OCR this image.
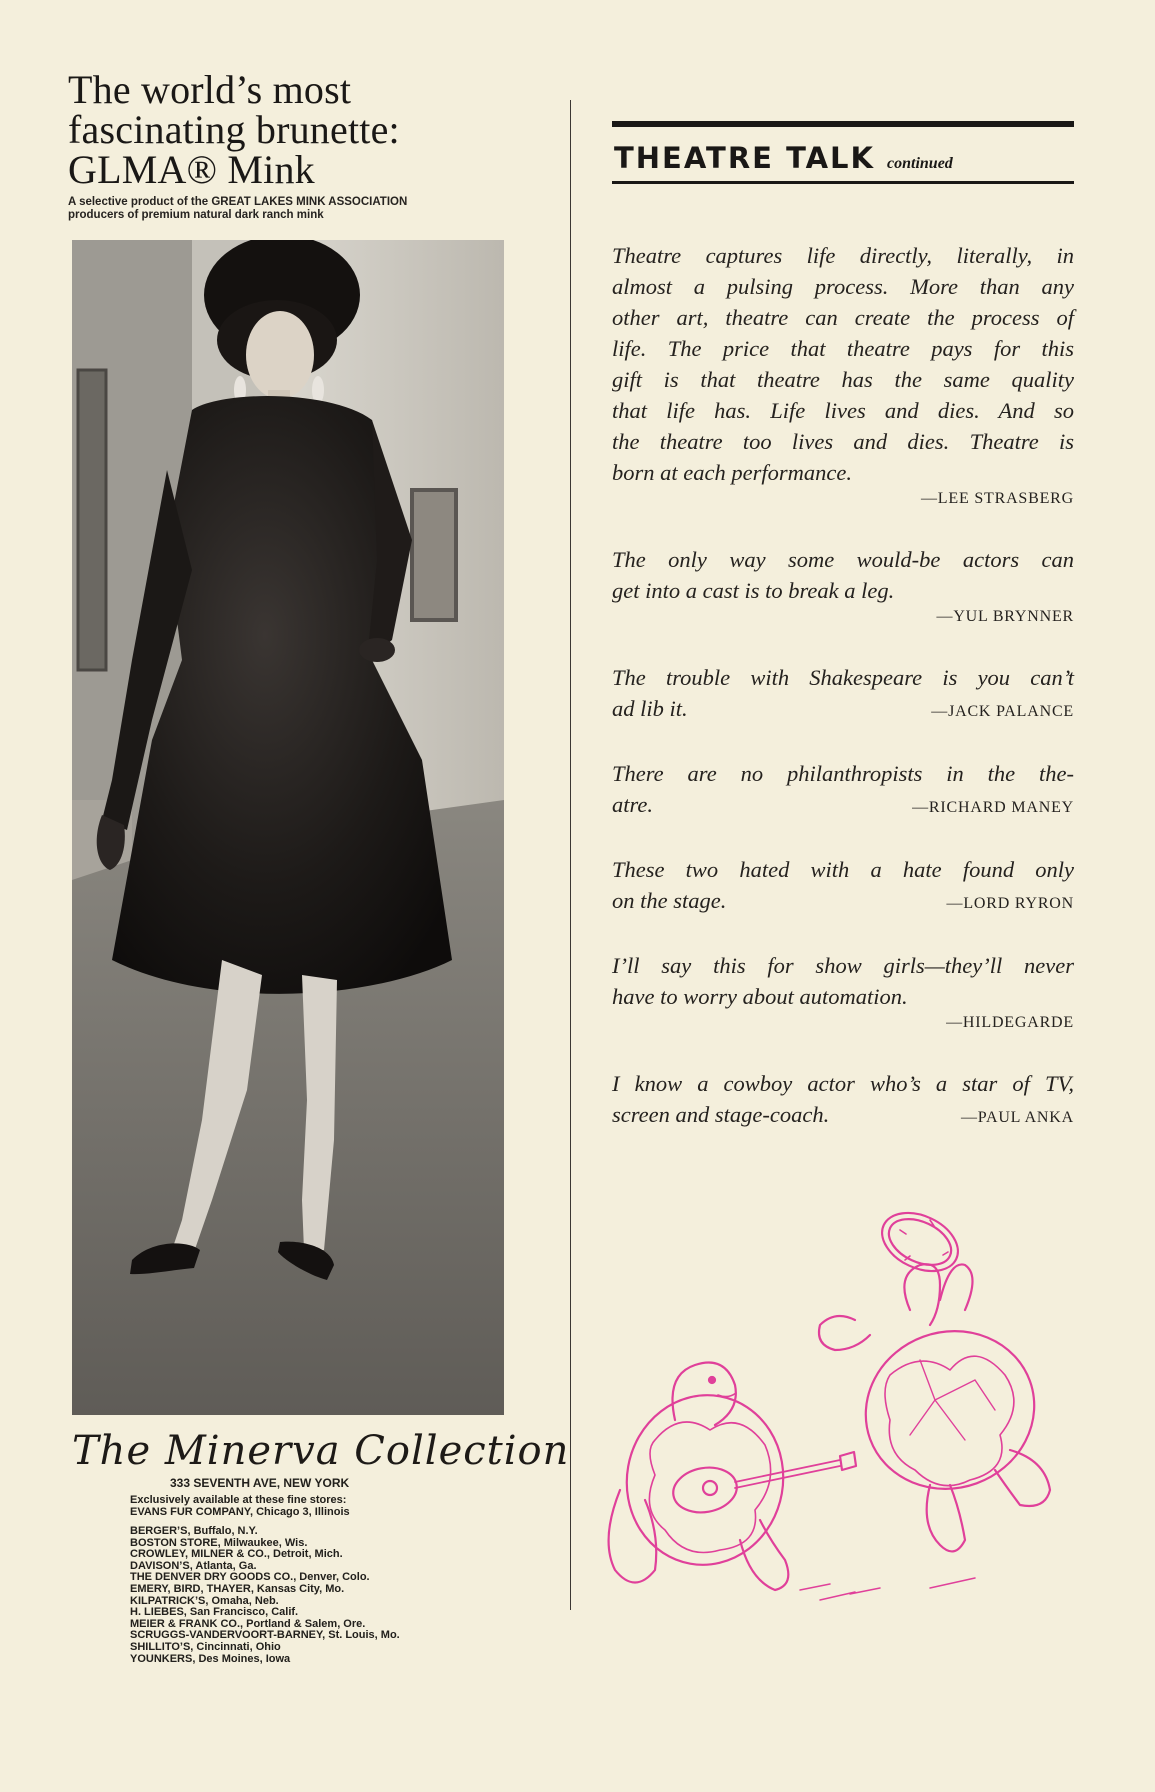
The world’s most
fascinating brunette:
GLMA® Mink
A selective product of the GREAT LAKES MINK ASSOCIATION
producers of premium natural dark ranch mink
The Minerva Collection
333 SEVENTH AVE, NEW YORK
Exclusively available at these fine stores:
EVANS FUR COMPANY, Chicago 3, Illinois
BERGER’S, Buffalo, N.Y.
BOSTON STORE, Milwaukee, Wis.
CROWLEY, MILNER & CO., Detroit, Mich.
DAVISON’S, Atlanta, Ga.
THE DENVER DRY GOODS CO., Denver, Colo.
EMERY, BIRD, THAYER, Kansas City, Mo.
KILPATRICK’S, Omaha, Neb.
H. LIEBES, San Francisco, Calif.
MEIER & FRANK CO., Portland & Salem, Ore.
SCRUGGS-VANDERVOORT-BARNEY, St. Louis, Mo.
SHILLITO’S, Cincinnati, Ohio
YOUNKERS, Des Moines, Iowa
THEATRE TALK continued

Theatre captures life directly, literally, in
almost a pulsing process. More than any
other art, theatre can create the process of
life. The price that theatre pays for this
gift is that theatre has the same quality
that life has. Life lives and dies. And so
the theatre too lives and dies. Theatre is
born at each performance.

—LEE STRASBERG

The only way some would-be actors can
get into a cast is to break a leg.

—YUL BRYNNER

The trouble with Shakespeare is you can’t

ad lib it.	—JACK PALANCE

There are no philanthropists in the the-

atre.	—RICHARD MANEY

These two hated with a hate found only

on the stage.	—LORD RYRON

I’ll say this for show girls—they’ll never
have to worry about automation.

—HILDEGARDE

I know a cowboy actor who’s a star of TV,

screen and stage-coach.	—PAUL ANKA
